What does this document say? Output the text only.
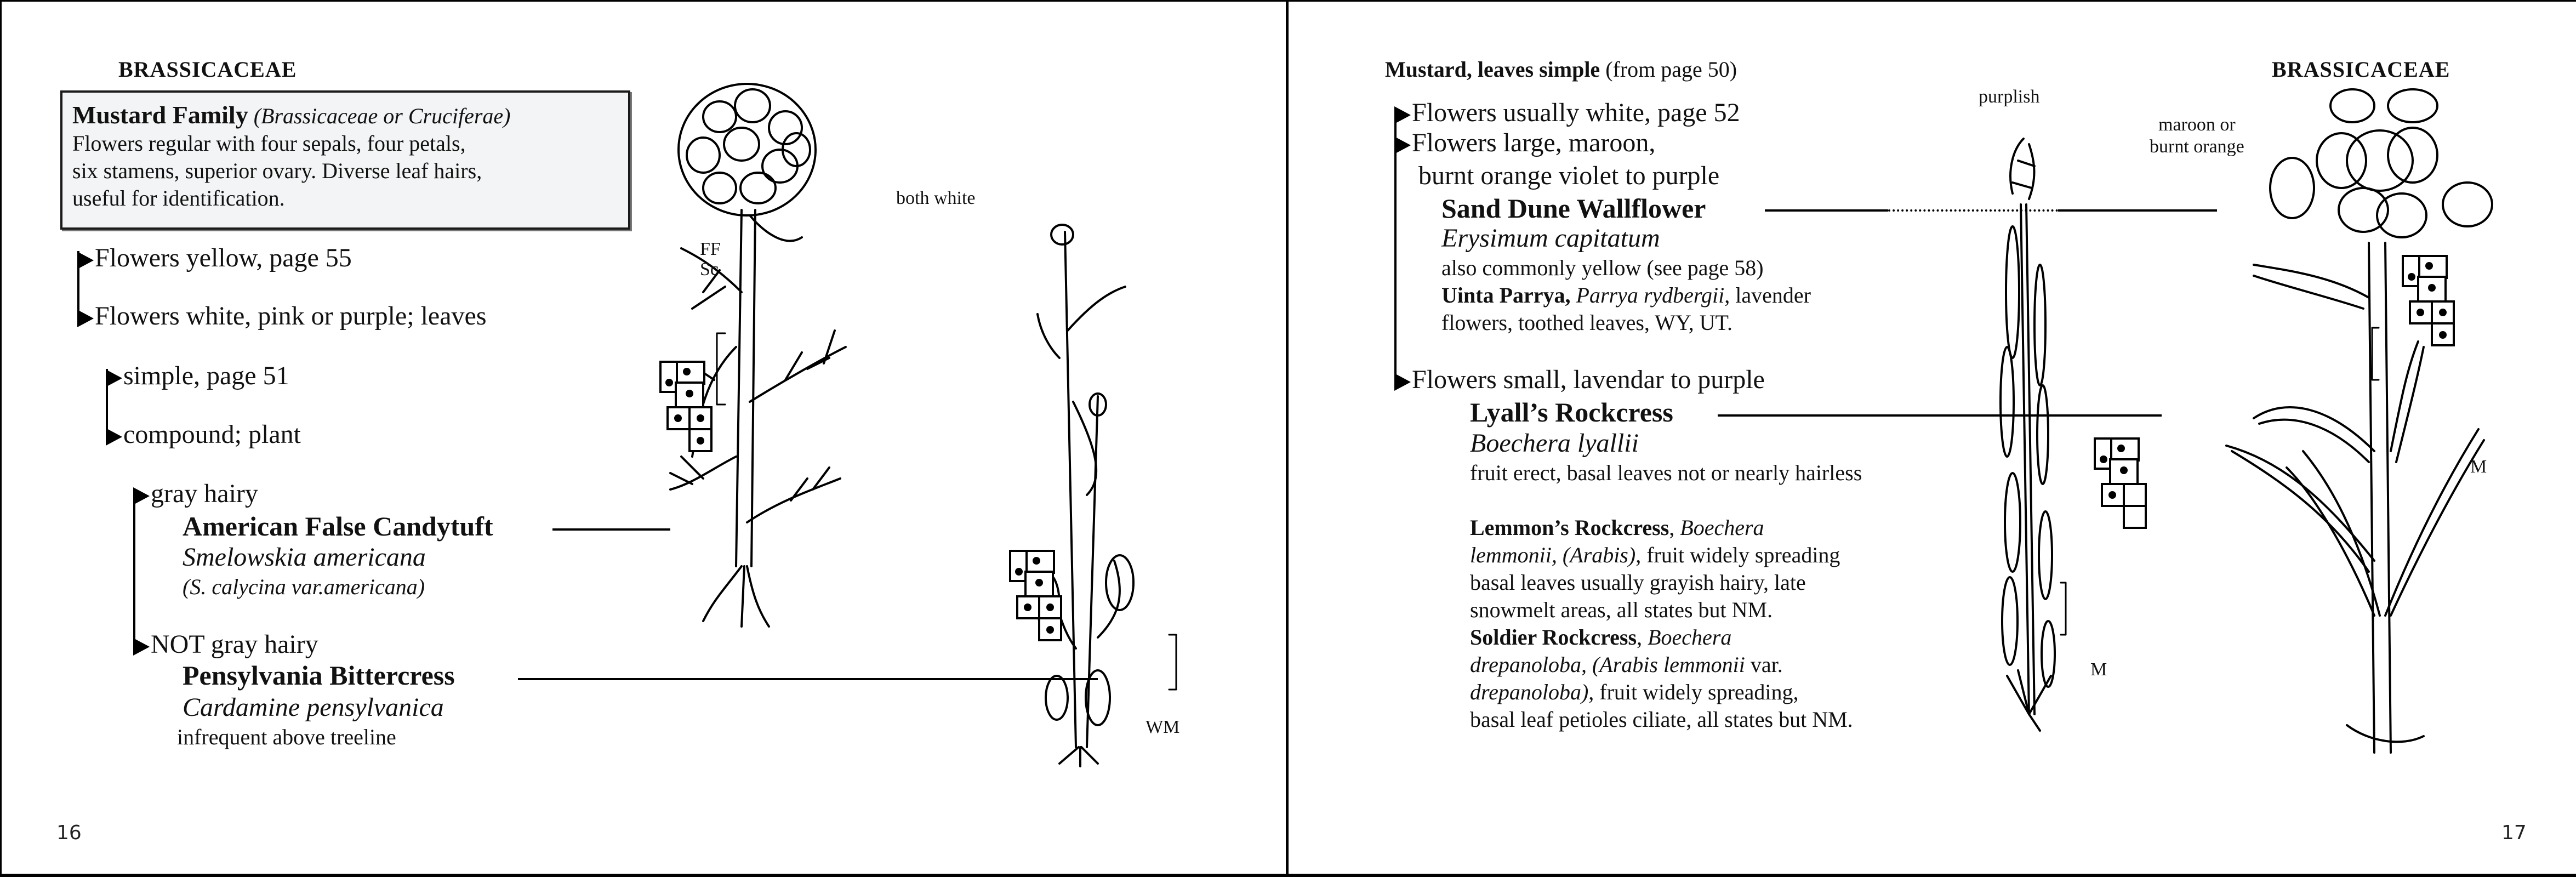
BRASSICACEAE
Mustard Family (Brassicaceae or Cruciferae)
Flowers regular with four sepals, four petals,
six stamens, superior ovary. Diverse leaf hairs,
useful for identification.
Flowers yellow, page 55
Flowers white, pink or purple; leaves
simple, page 51
compound; plant
gray hairy
American False Candytuft
Smelowskia americana
(S. calycina var.americana)
NOT gray hairy
Pensylvania Bittercress
Cardamine pensylvanica
infrequent above treeline
both white
FF
Sc
WM
16
Mustard, leaves simple (from page 50)	BRASSICACEAE
Flowers usually white, page 52
Flowers large, maroon,
burnt orange violet to purple
Sand Dune Wallflower
Erysimum capitatum
also commonly yellow (see page 58)
Uinta Parrya, Parrya rydbergii, lavender
flowers, toothed leaves, WY, UT.
Flowers small, lavendar to purple
Lyall’s Rockcress
Boechera lyallii
fruit erect, basal leaves not or nearly hairless
Lemmon’s Rockcress, Boechera
lemmonii, (Arabis), fruit widely spreading
basal leaves usually grayish hairy, late
snowmelt areas, all states but NM.
Soldier Rockcress, Boechera
drepanoloba, (Arabis lemmonii var.
drepanoloba), fruit widely spreading,
basal leaf petioles ciliate, all states but NM.
purplish
M
maroon or
burnt orange
M
17
